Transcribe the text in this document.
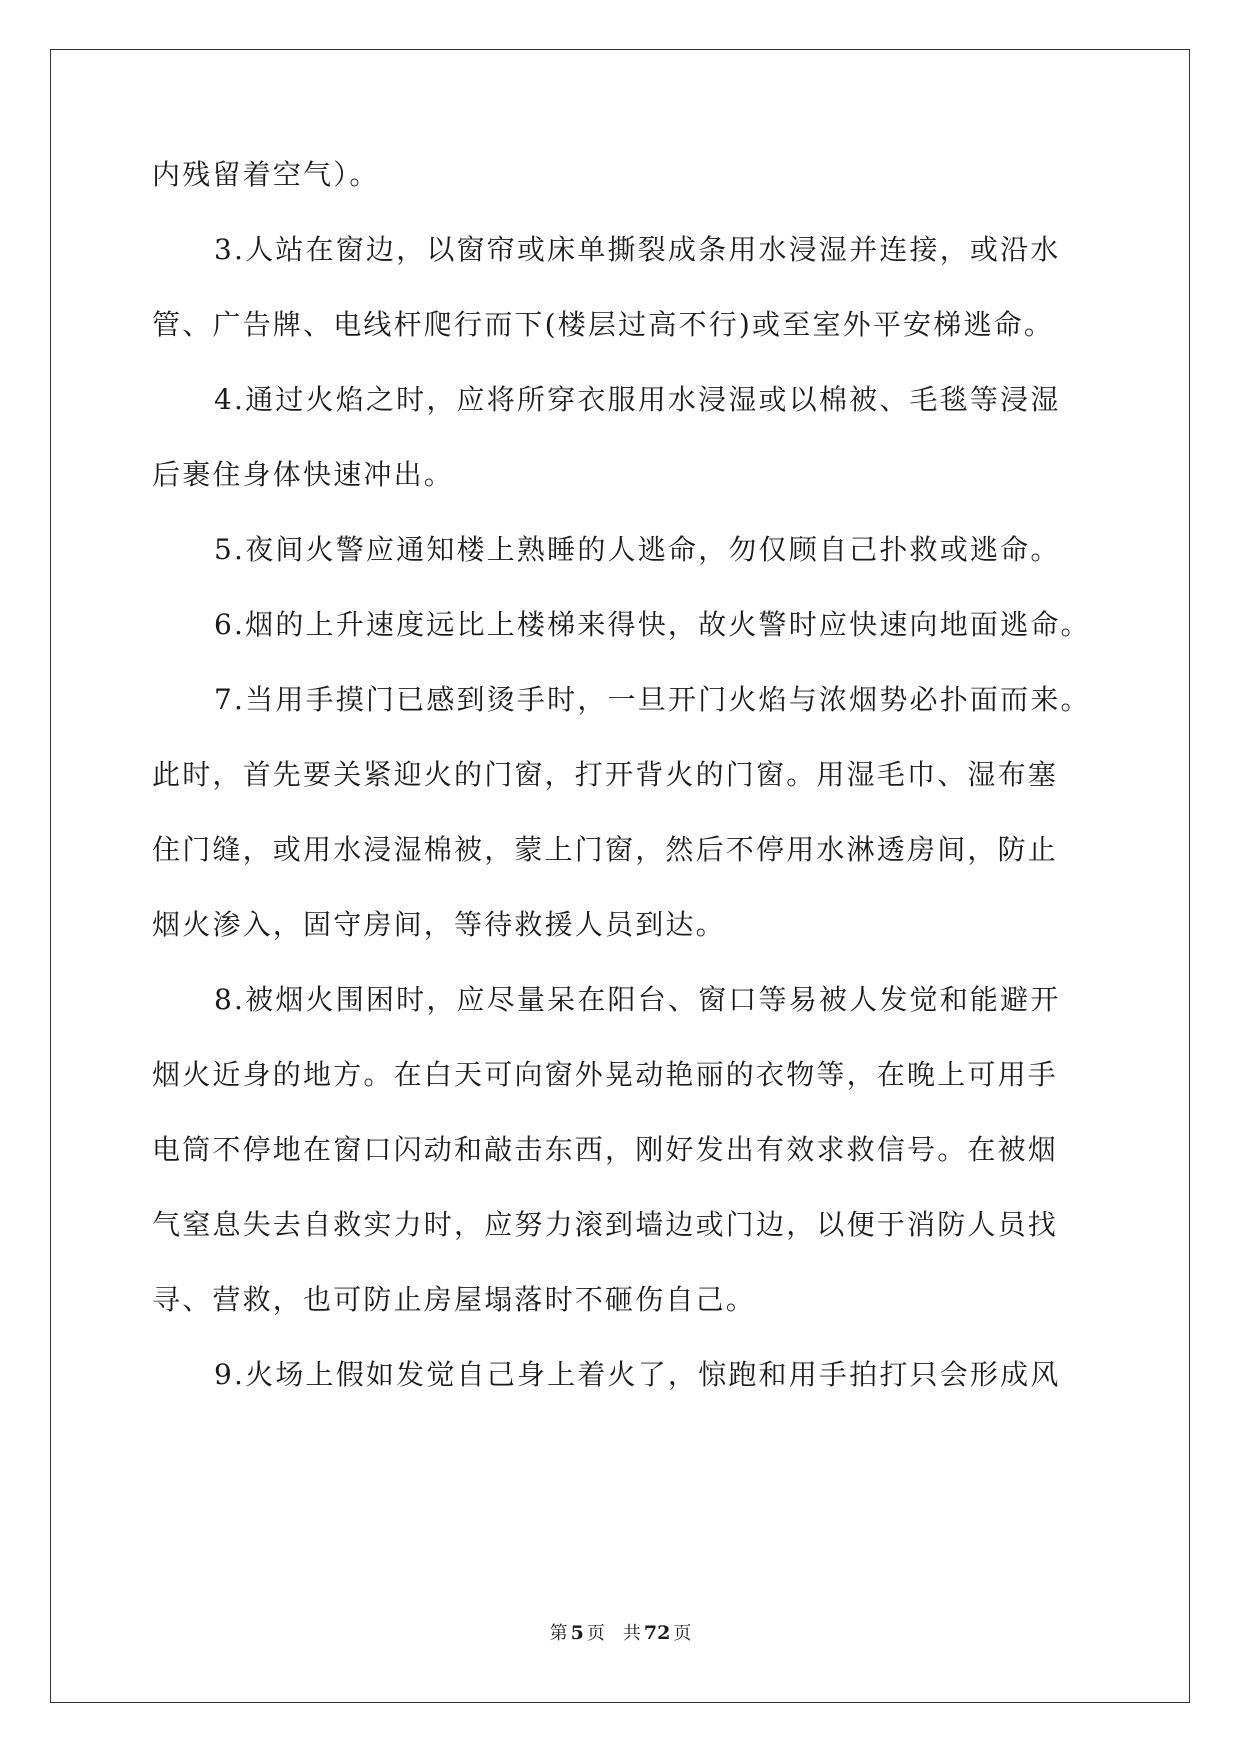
内残留着空气）。
3.人站在窗边，以窗帘或床单撕裂成条用水浸湿并连接，或沿水
管、广告牌、电线杆爬行而下(楼层过高不行)或至室外平安梯逃命。
4.通过火焰之时，应将所穿衣服用水浸湿或以棉被、毛毯等浸湿
后裹住身体快速冲出。
5.夜间火警应通知楼上熟睡的人逃命，勿仅顾自己扑救或逃命。
6.烟的上升速度远比上楼梯来得快，故火警时应快速向地面逃命。
7.当用手摸门已感到烫手时，一旦开门火焰与浓烟势必扑面而来。
此时，首先要关紧迎火的门窗，打开背火的门窗。用湿毛巾、湿布塞
住门缝，或用水浸湿棉被，蒙上门窗，然后不停用水淋透房间，防止
烟火渗入，固守房间，等待救援人员到达。
8.被烟火围困时，应尽量呆在阳台、窗口等易被人发觉和能避开
烟火近身的地方。在白天可向窗外晃动艳丽的衣物等，在晚上可用手
电筒不停地在窗口闪动和敲击东西，刚好发出有效求救信号。在被烟
气窒息失去自救实力时，应努力滚到墙边或门边，以便于消防人员找
寻、营救，也可防止房屋塌落时不砸伤自己。
9.火场上假如发觉自己身上着火了，惊跑和用手拍打只会形成风
第 5 页 共 72 页
